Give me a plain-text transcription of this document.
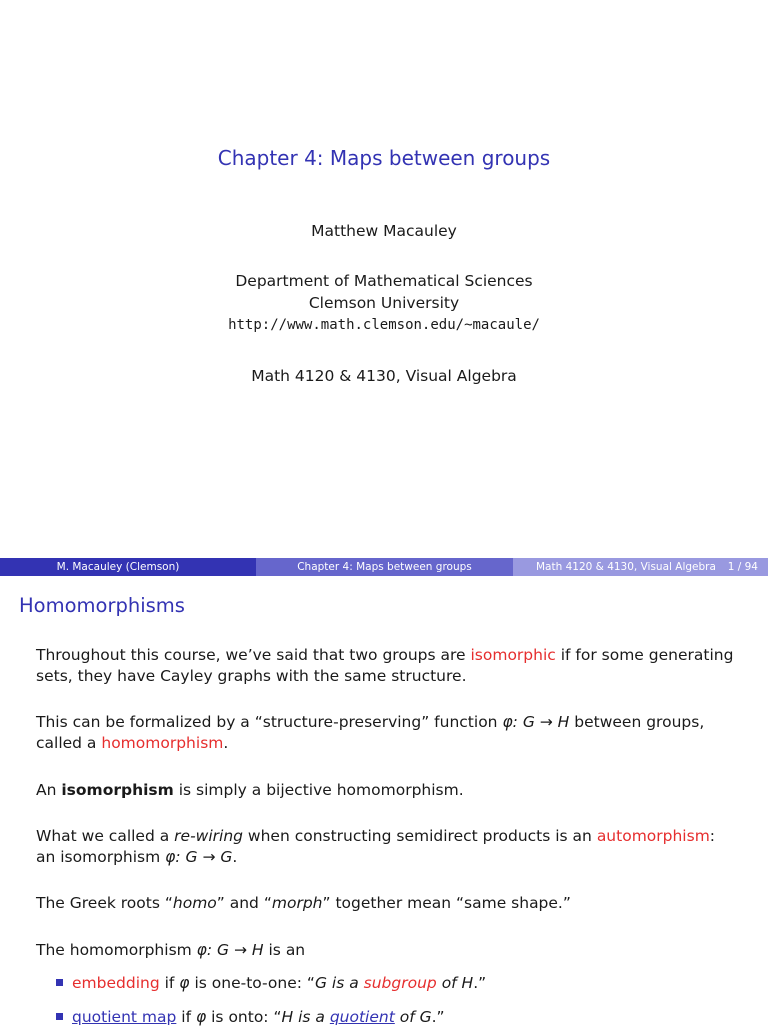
Chapter 4: Maps between groups
Matthew Macauley
Department of Mathematical Sciences
Clemson University
http://www.math.clemson.edu/~macaule/
Math 4120 & 4130, Visual Algebra
M. Macauley (Clemson)	Chapter 4: Maps between groups	Math 4120 & 4130, Visual Algebra 1 / 94
Homomorphisms
Throughout this course, we’ve said that two groups are isomorphic if for some generating sets, they have Cayley graphs with the same structure.
This can be formalized by a “structure-preserving” function φ: G → H between groups, called a homomorphism.
An isomorphism is simply a bijective homomorphism.
What we called a re-wiring when constructing semidirect products is an automorphism: an isomorphism φ: G → G.
The Greek roots “homo” and “morph” together mean “same shape.”
The homomorphism φ: G → H is an
embedding if φ is one-to-one: “G is a subgroup of H.”
quotient map if φ is onto: “H is a quotient of G.”
